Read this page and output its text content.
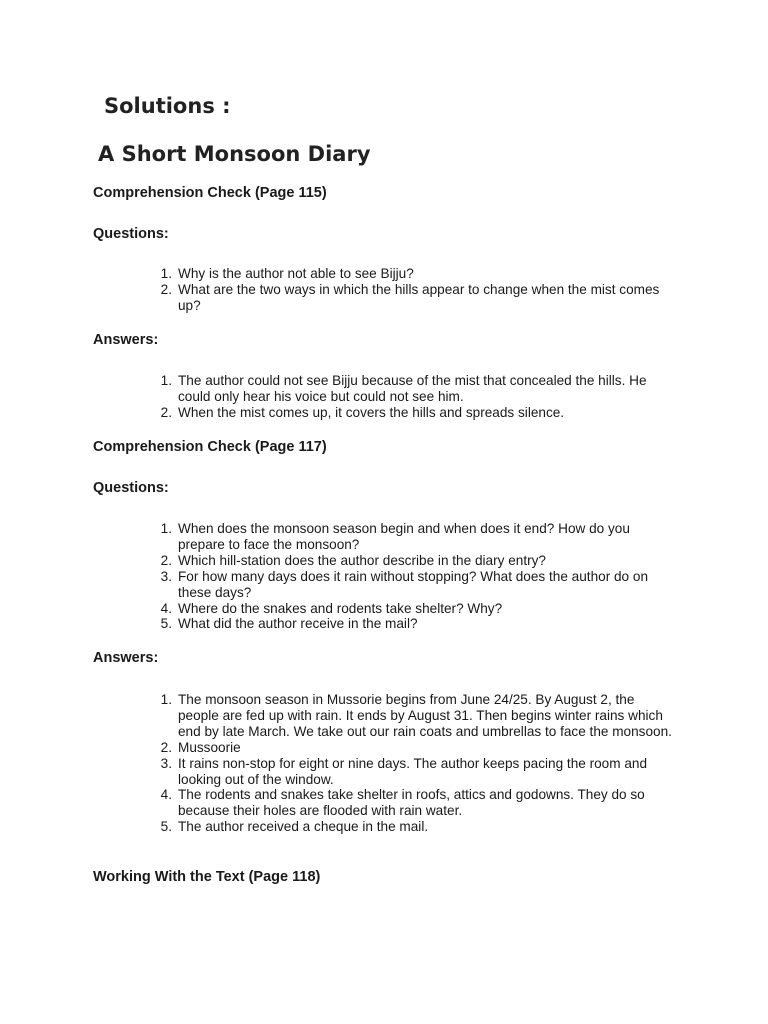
Solutions :
A Short Monsoon Diary
Comprehension Check (Page 115)
Questions:
1. Why is the author not able to see Bijju?
2. What are the two ways in which the hills appear to change when the mist comes up?
Answers:
1. The author could not see Bijju because of the mist that concealed the hills. He could only hear his voice but could not see him.
2. When the mist comes up, it covers the hills and spreads silence.
Comprehension Check (Page 117)
Questions:
1. When does the monsoon season begin and when does it end? How do you prepare to face the monsoon?
2. Which hill-station does the author describe in the diary entry?
3. For how many days does it rain without stopping? What does the author do on these days?
4. Where do the snakes and rodents take shelter? Why?
5. What did the author receive in the mail?
Answers:
1. The monsoon season in Mussorie begins from June 24/25. By August 2, the people are fed up with rain. It ends by August 31. Then begins winter rains which end by late March. We take out our rain coats and umbrellas to face the monsoon.
2. Mussoorie
3. It rains non-stop for eight or nine days. The author keeps pacing the room and looking out of the window.
4. The rodents and snakes take shelter in roofs, attics and godowns. They do so because their holes are flooded with rain water.
5. The author received a cheque in the mail.
Working With the Text (Page 118)
